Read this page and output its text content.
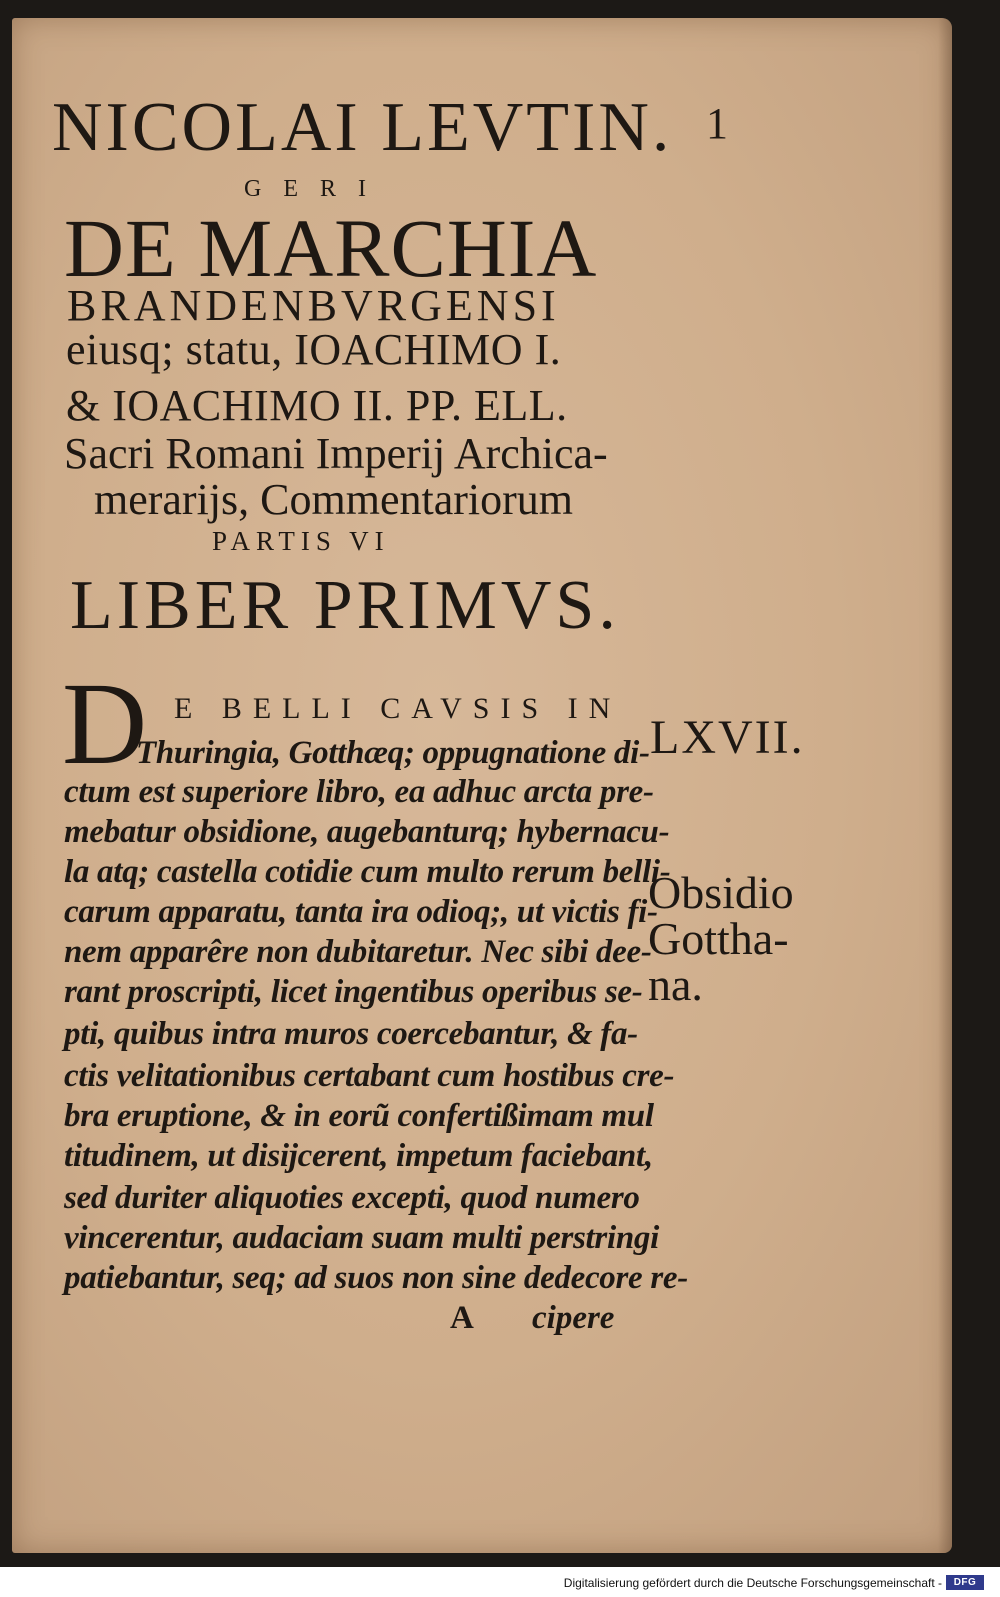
NICOLAI LEVTIN. 1
GERI
DE MARCHIA
BRANDENBVRGENSI
eiusq; statu, IOACHIMO I.
& IOACHIMO II. PP. ELL.
Sacri Romani Imperij Archica-
merarijs, Commentariorum
PARTIS VI
LIBER PRIMVS.
D E BELLI CAVSIS IN
Thuringia, Gotthæq; oppugnatione di-
ctum est superiore libro, ea adhuc arcta pre-
mebatur obsidione, augebanturq; hybernacu-
la atq; castella cotidie cum multo rerum belli-
carum apparatu, tanta ira odioq;, ut victis fi-
nem apparêre non dubitaretur. Nec sibi dee-
rant proscripti, licet ingentibus operibus se-
pti, quibus intra muros coercebantur, & fa-
ctis velitationibus certabant cum hostibus cre-
bra eruptione, & in eorũ confertißimam mul
titudinem, ut disijcerent, impetum faciebant,
sed duriter aliquoties excepti, quod numero
vincerentur, audaciam suam multi perstringi
patiebantur, seq; ad suos non sine dedecore re-
A cipere
LXVII.
Obsidio
Gottha-
na.
Digitalisierung gefördert durch die Deutsche Forschungsgemeinschaft -	DFG
